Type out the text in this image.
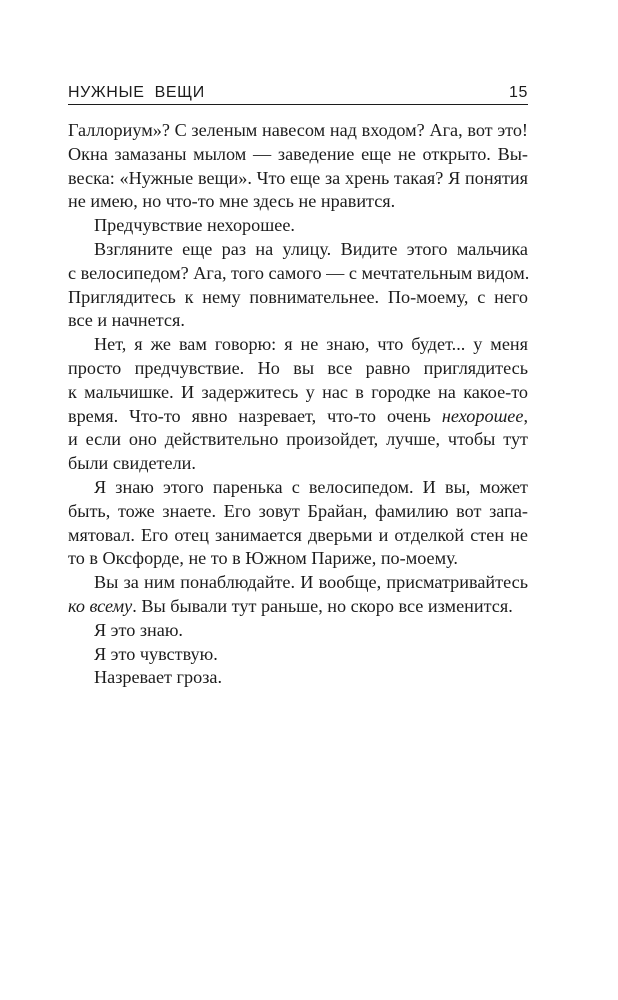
НУЖНЫЕ  ВЕЩИ	15
Галлориум»? С зеленым навесом над входом? Ага, вот это!
Окна замазаны мылом — заведение еще не открыто. Вы-
веска: «Нужные вещи». Что еще за хрень такая? Я понятия
не имею, но что-то мне здесь не нравится.
Предчувствие нехорошее.
Взгляните еще раз на улицу. Видите этого мальчика
с велосипедом? Ага, того самого — с мечтательным видом.
Приглядитесь к нему повнимательнее. По-моему, с него
все и начнется.
Нет, я же вам говорю: я не знаю, что будет... у меня
просто предчувствие. Но вы все равно приглядитесь
к мальчишке. И задержитесь у нас в городке на какое-то
время. Что-то явно назревает, что-то очень нехорошее,
и если оно действительно произойдет, лучше, чтобы тут
были свидетели.
Я знаю этого паренька с велосипедом. И вы, может
быть, тоже знаете. Его зовут Брайан, фамилию вот запа-
мятовал. Его отец занимается дверьми и отделкой стен не
то в Оксфорде, не то в Южном Париже, по-моему.
Вы за ним понаблюдайте. И вообще, присматривайтесь
ко всему. Вы бывали тут раньше, но скоро все изменится.
Я это знаю.
Я это чувствую.
Назревает гроза.
